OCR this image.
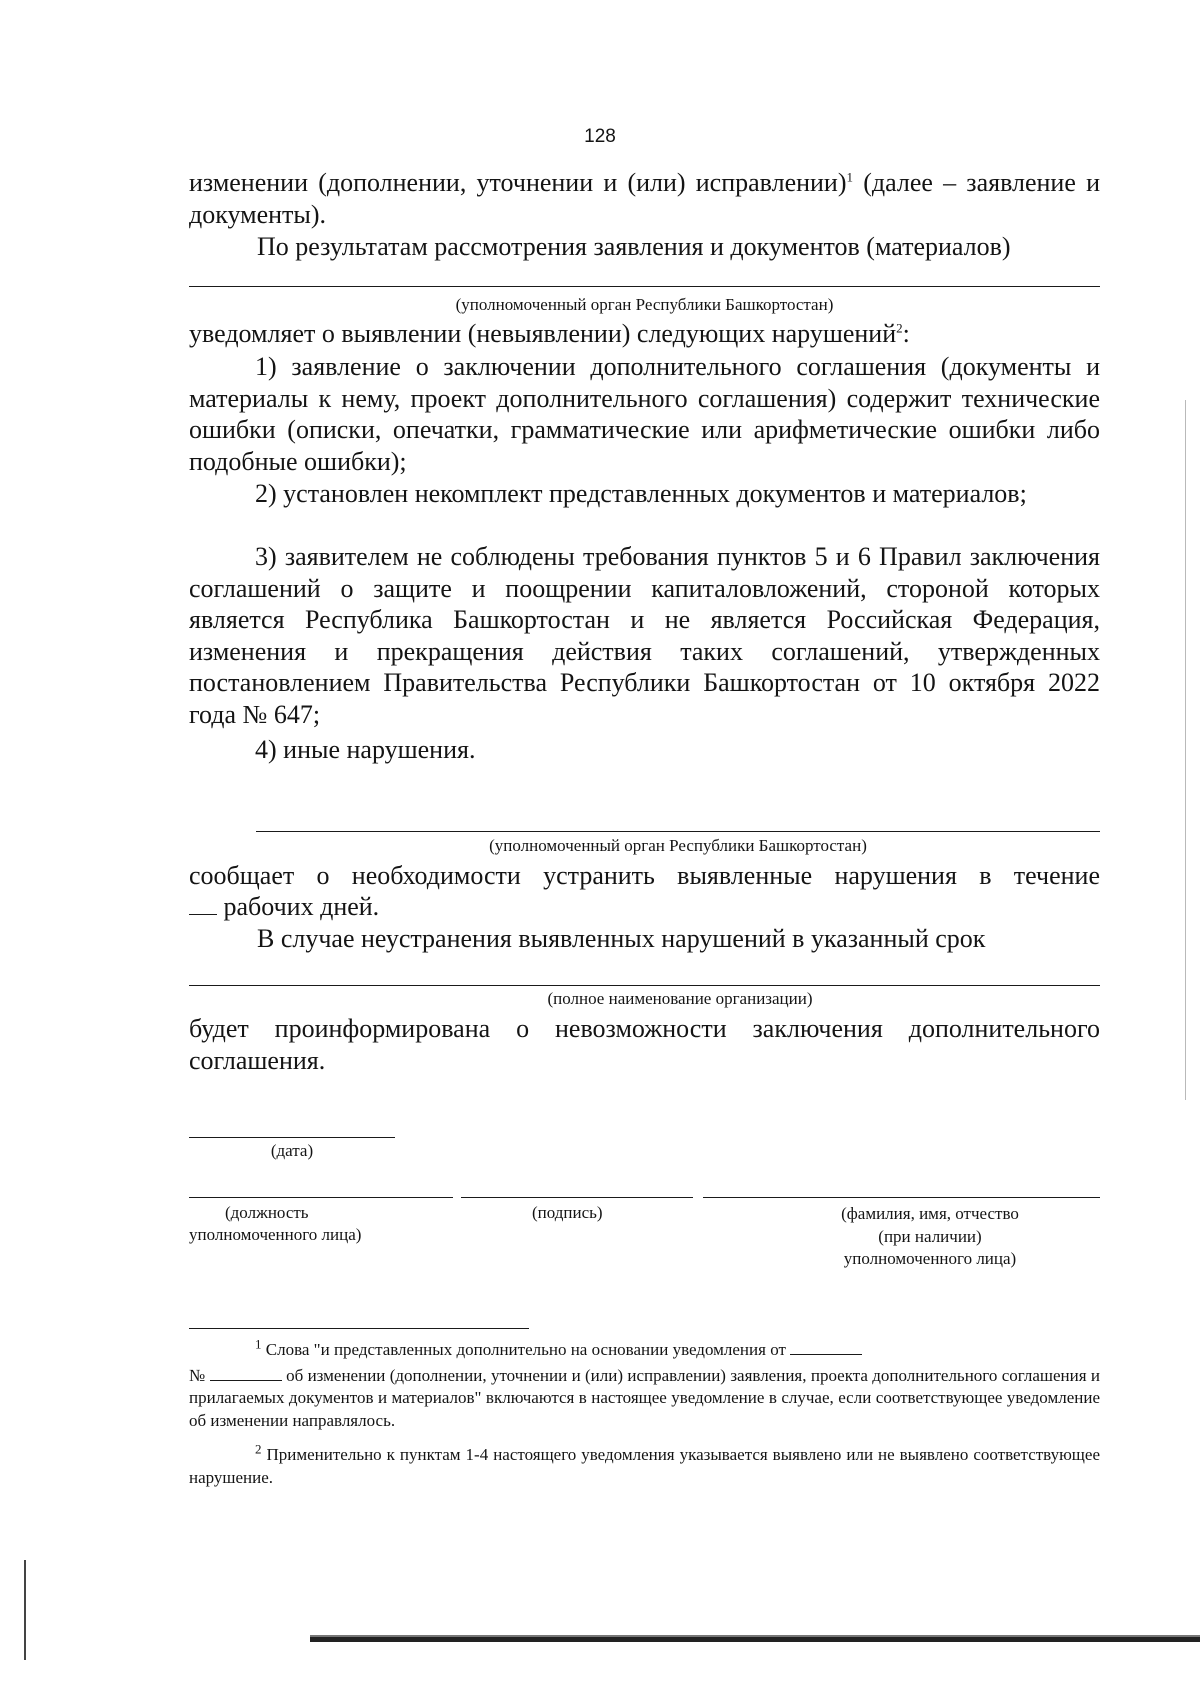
128

изменении (дополнении, уточнении и (или) исправлении)$^1$ (далее – заявление и документы).

По результатам рассмотрения заявления и документов (материалов)

(уполномоченный орган Республики Башкортостан)

уведомляет о выявлении (невыявлении) следующих нарушений$^2$:

1) заявление о заключении дополнительного соглашения (документы и материалы к нему, проект дополнительного соглашения) содержит технические ошибки (описки, опечатки, грамматические или арифметические ошибки либо подобные ошибки);

2) установлен некомплект представленных документов и материалов;

3) заявителем не соблюдены требования пунктов 5 и 6 Правил заключения соглашений о защите и поощрении капиталовложений, стороной которых является Республика Башкортостан и не является Российская Федерация, изменения и прекращения действия таких соглашений, утвержденных постановлением Правительства Республики Башкортостан от 10 октября 2022 года № 647;

4) иные нарушения.

(уполномоченный орган Республики Башкортостан)

сообщает о необходимости устранить выявленные нарушения в течение

рабочих дней.

В случае неустранения выявленных нарушений в указанный срок

(полное наименование организации)

будет проинформирована о невозможности заключения дополнительного соглашения.

(дата)
(должность
уполномоченного лица)
(подпись)	(фамилия, имя, отчество
(при наличии)
уполномоченного лица)

$^1$ Слова "и представленных дополнительно на основании уведомления от
№	об изменении (дополнении, уточнении и (или) исправлении) заявления, проекта дополнительного соглашения и прилагаемых документов и материалов" включаются в настоящее уведомление в случае, если соответствующее уведомление об изменении направлялось.

$^2$ Применительно к пунктам 1-4 настоящего уведомления указывается выявлено или не выявлено соответствующее нарушение.
